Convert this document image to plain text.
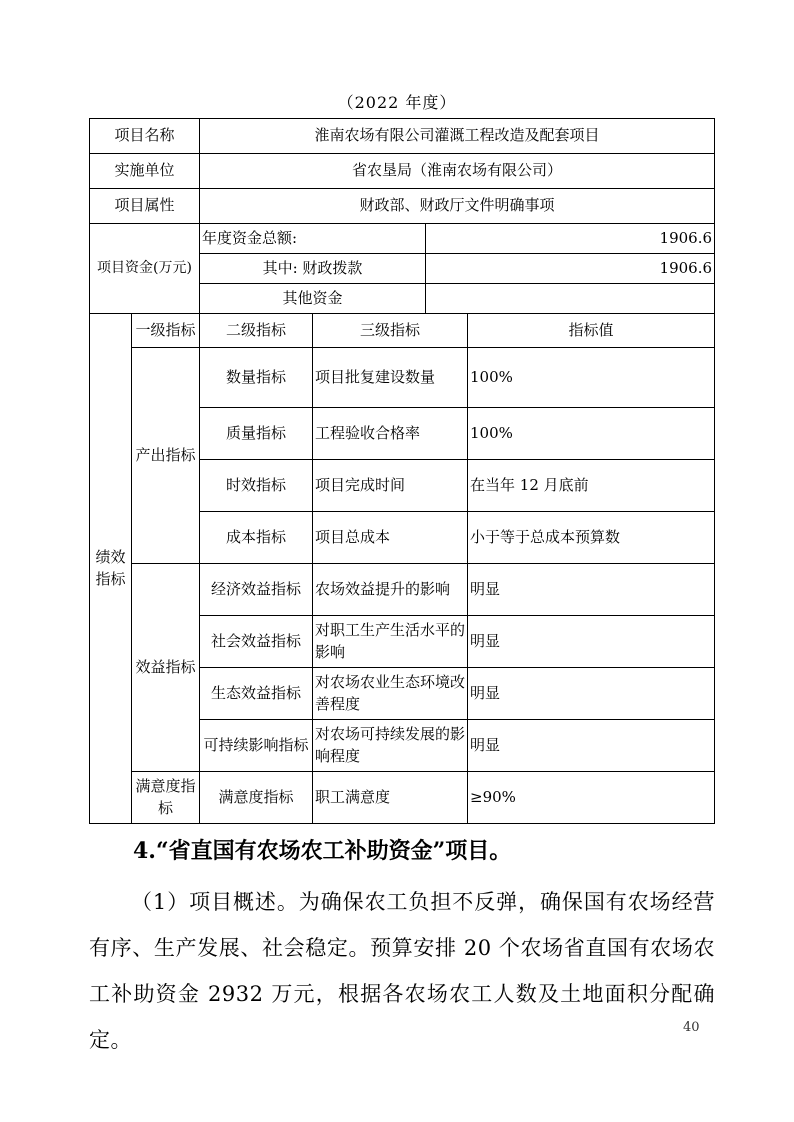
（2022 年度）
项目名称		淮南农场有限公司灌溉工程改造及配套项目			
实施单位		省农垦局（淮南农场有限公司）			
项目属性		财政部、财政厅文件明确事项			
项目资金(万元)		年度资金总额:		1906.6	
		其中: 财政拨款		1906.6	
		其他资金			
绩效指标	一级指标	二级指标	三级指标		指标值
	产出指标	数量指标	项目批复建设数量		100%
		质量指标	工程验收合格率		100%
		时效指标	项目完成时间		在当年 12 月底前
		成本指标	项目总成本		小于等于总成本预算数
	效益指标	经济效益指标	农场效益提升的影响		明显
		社会效益指标	对职工生产生活水平的影响		明显
		生态效益指标	对农场农业生态环境改善程度		明显
		可持续影响指标	对农场可持续发展的影响程度		明显
	满意度指标	满意度指标	职工满意度		≥90%
4.“省直国有农场农工补助资金”项目。
（1）项目概述。为确保农工负担不反弹，确保国有农场经营有序、生产发展、社会稳定。预算安排 20 个农场省直国有农场农工补助资金 2932 万元，根据各农场农工人数及土地面积分配确定。
40
